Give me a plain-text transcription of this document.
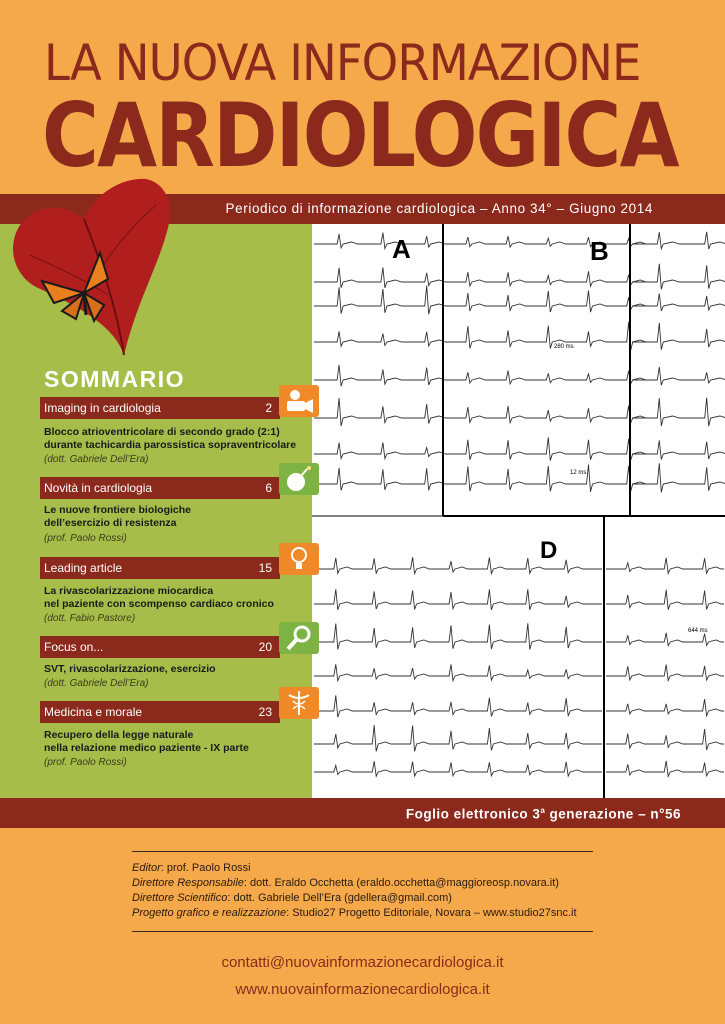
LA NUOVA INFORMAZIONE
CARDIOLOGICA
Periodico di informazione cardiologica – Anno 34° – Giugno 2014
A	B
D
280 ms
12 ms
644 ms
SOMMARIO
Imaging in cardiologia	2
Blocco atrioventricolare di secondo grado (2:1)
durante tachicardia parossistica sopraventricolare
(dott. Gabriele Dell’Era)
Novità in cardiologia	6
Le nuove frontiere biologiche
dell’esercizio di resistenza
(prof. Paolo Rossi)
Leading article	15
La rivascolarizzazione miocardica
nel paziente con scompenso cardiaco cronico
(dott. Fabio Pastore)
Focus on...	20
SVT, rivascolarizzazione, esercizio
(dott. Gabriele Dell’Era)
Medicina e morale	23
Recupero della legge naturale
nella relazione medico paziente - IX parte
(prof. Paolo Rossi)
Foglio elettronico 3$^a$ generazione – n°56
Editor: prof. Paolo Rossi
Direttore Responsabile: dott. Eraldo Occhetta (eraldo.occhetta@maggioreosp.novara.it)
Direttore Scientifico: dott. Gabriele Dell’Era (gdellera@gmail.com)
Progetto grafico e realizzazione: Studio27 Progetto Editoriale, Novara – www.studio27snc.it
contatti@nuovainformazionecardiologica.it
www.nuovainformazionecardiologica.it
